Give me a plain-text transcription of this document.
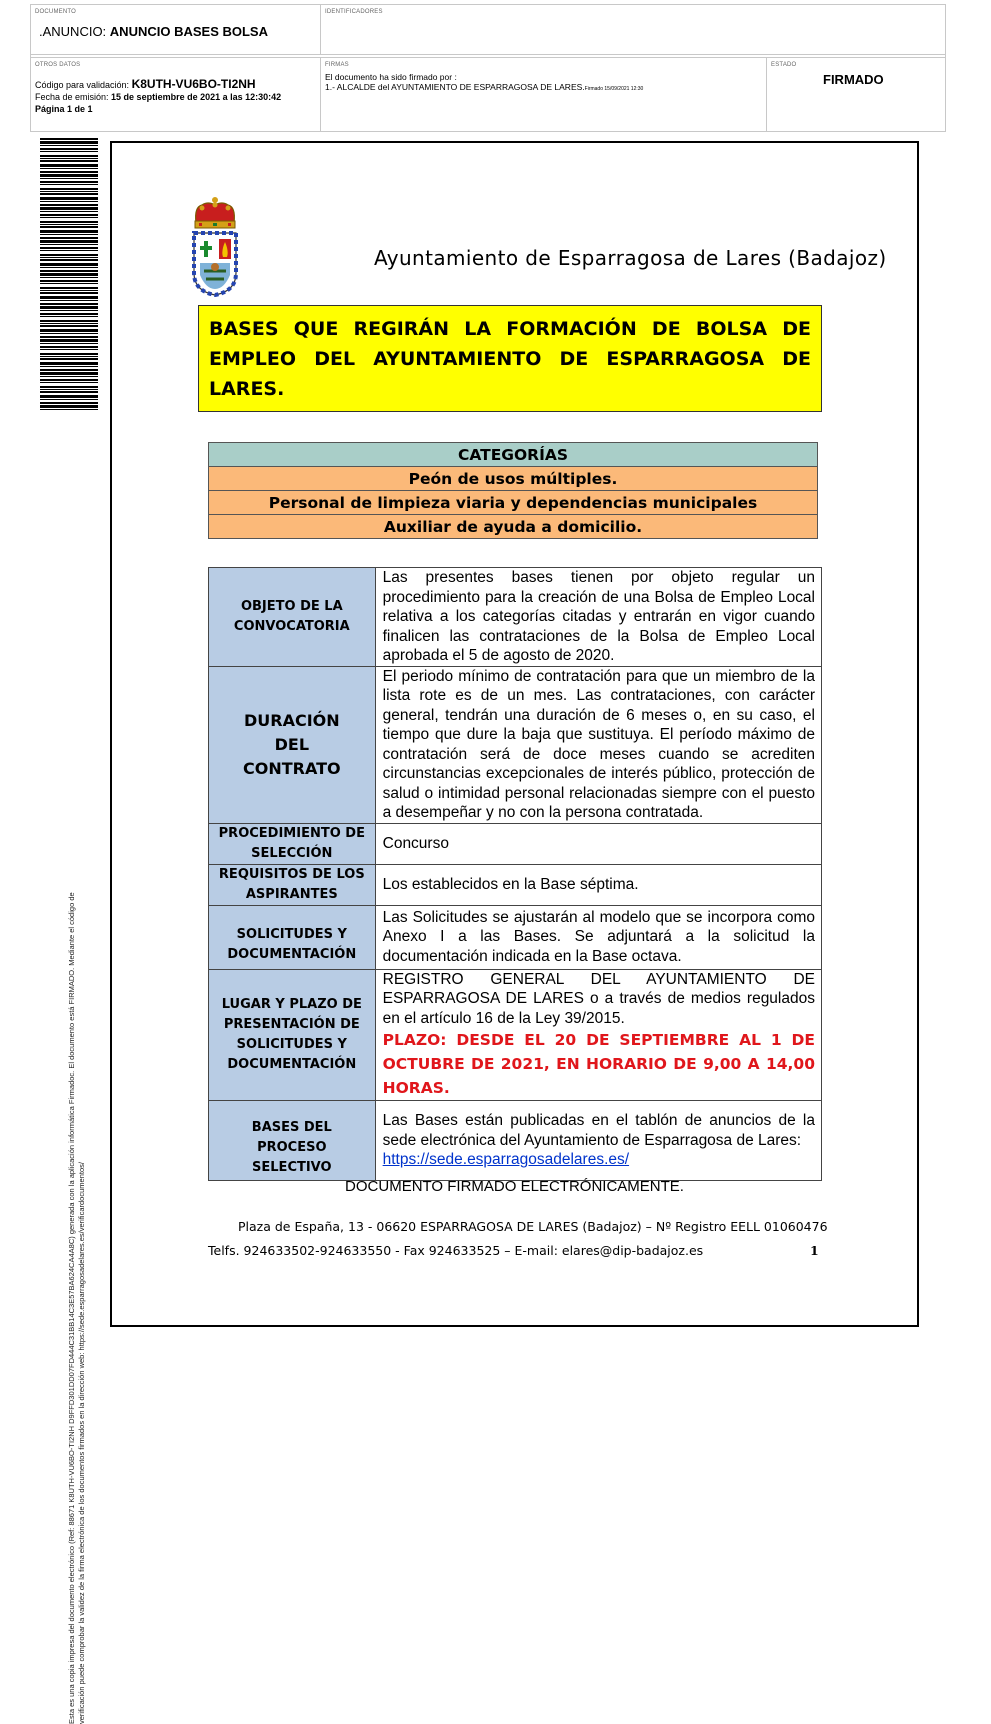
DOCUMENTO
.ANUNCIO: ANUNCIO BASES BOLSA
IDENTIFICADORES
OTROS DATOS
Código para validación: K8UTH-VU6BO-TI2NH
Fecha de emisión: 15 de septiembre de 2021 a las 12:30:42
Página 1 de 1
FIRMAS
El documento ha sido firmado por :
1.- ALCALDE del AYUNTAMIENTO DE ESPARRAGOSA DE LARES.Firmado 15/09/2021 12:30
ESTADO
FIRMADO
Esta es una copia impresa del documento electrónico (Ref: 88671 K8UTH-VU6BO-TI2NH D9FFD301DD07FD444C31BB14C3E57BA624CA4A8C) generada con la aplicación informática Firmadoc. El documento está FIRMADO. Mediante el código de verificación puede comprobar la validez de la firma electrónica de los documentos firmados en la dirección web: https://sede.esparragosadelares.es/verificardocumentos/
Ayuntamiento de Esparragosa de Lares (Badajoz)
BASES QUE REGIRÁN LA FORMACIÓN DE BOLSA DE EMPLEO DEL AYUNTAMIENTO DE ESPARRAGOSA DE LARES.
CATEGORÍAS
Peón de usos múltiples.
Personal de limpieza viaria y dependencias municipales
Auxiliar de ayuda a domicilio.
OBJETO DE LA CONVOCATORIA	Las presentes bases tienen por objeto regular un procedimiento para la creación de una Bolsa de Empleo Local relativa a los categorías citadas y entrarán en vigor cuando finalicen las contrataciones de la Bolsa de Empleo Local aprobada el 5 de agosto de 2020.

DURACIÓN DEL CONTRATO	El periodo mínimo de contratación para que un miembro de la lista rote es de un mes. Las contrataciones, con carácter general, tendrán una duración de 6 meses o, en su caso, el tiempo que dure la baja que sustituya. El período máximo de contratación será de doce meses cuando se acrediten circunstancias excepcionales de interés público, protección de salud o intimidad personal relacionadas siempre con el puesto a desempeñar y no con la persona contratada.
PROCEDIMIENTO DE SELECCIÓN	Concurso
REQUISITOS DE LOS ASPIRANTES	Los establecidos en la Base séptima.

SOLICITUDES Y DOCUMENTACIÓN	Las Solicitudes se ajustarán al modelo que se incorpora como Anexo I a las Bases. Se adjuntará a la solicitud la documentación indicada en la Base octava.

LUGAR Y PLAZO DE PRESENTACIÓN DE SOLICITUDES Y DOCUMENTACIÓN	REGISTRO GENERAL DEL AYUNTAMIENTO DE ESPARRAGOSA DE LARES o a través de medios regulados en el artículo 16 de la Ley 39/2015.
PLAZO: DESDE EL 20 DE SEPTIEMBRE AL 1 DE OCTUBRE DE 2021, EN HORARIO DE 9,00 A 14,00 HORAS.

BASES DEL PROCESO SELECTIVO	Las Bases están publicadas en el tablón de anuncios de la sede electrónica del Ayuntamiento de Esparragosa de Lares:
https://sede.esparragosadelares.es/
DOCUMENTO FIRMADO ELECTRÓNICAMENTE.
Plaza de España, 13 - 06620 ESPARRAGOSA DE LARES (Badajoz) – Nº Registro EELL 01060476
Telfs. 924633502-924633550 - Fax 924633525 – E-mail: elares@dip-badajoz.es	1
